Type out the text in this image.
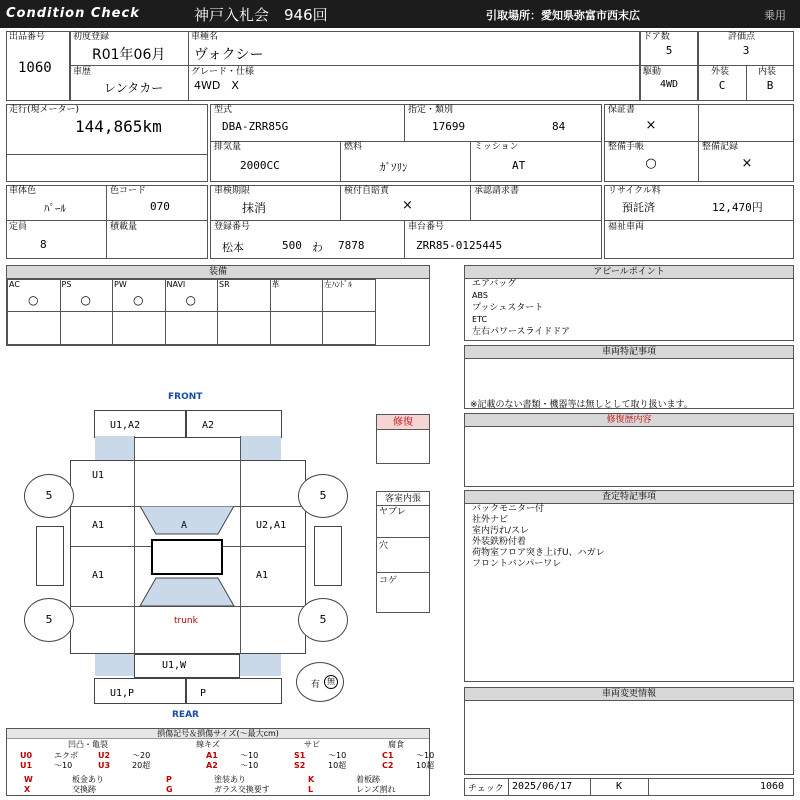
Condition Check	神戸入札会　946回	引取場所：愛知県弥富市西末広	乗用
出品番号
1060
初度登録
R01年06月
車種名
ヴォクシー
車歴
レンタカー
グレード・仕様
4WD　X
ドア数
5
駆動
4WD
評価点
3
外装
C
内装
B
走行(現メーター)
144,865km
型式
DBA-ZRR85G
指定・類別
17699	84
排気量
2000CC
燃料
ｶﾞｿﾘﾝ
ミッション
AT
保証書
×
整備手帳
○
整備記録
×
車体色
ﾊﾟｰﾙ
色コード
070
定員
8
積載量
車検期限
抹消
検付自賠責
×
承認請求書
登録番号
松本	500 わ 7878
車台番号
ZRR85-0125445
リサイクル料
預託済	12,470円
福祉車両
装備
AC
○
PS
○
PW
○
NAVI
○
SR	革	左ﾊﾝﾄﾞﾙ
アピールポイント
エアバッグ
ABS
プッシュスタート
ETC
左右パワースライドドア
車両特記事項
※記載のない書類・機器等は無しとして取り扱います。
修復歴内容
査定特記事項
バックモニター付
社外ナビ
室内汚れ/スレ
外装鉄粉付着
荷物室フロア突き上げU、ハガレ
フロントバンパーワレ
車両変更情報
チェック 2025/06/17	K	1060
FRONT
U1,A2	A2
U1
A1
A1
U2,A1
A1
A
trunk
U1,W
U1,P	P
REAR
5	5
5	5
有 無
修復
客室内張
ヤブレ
穴
コゲ
損傷記号＆損傷サイズ(〜最大cm)
凹凸・亀裂	線キズ	サビ	腐食
U0	エクボ	U2	〜20	A1	〜10	S1	〜10	C1	〜10
U1	〜10	U3	20超	A2	〜10	S2	10超	C2	10超
W	板金あり	P	塗装あり	K	着板跡
X	交換跡	G	ガラス交換要す	L	レンズ割れ
